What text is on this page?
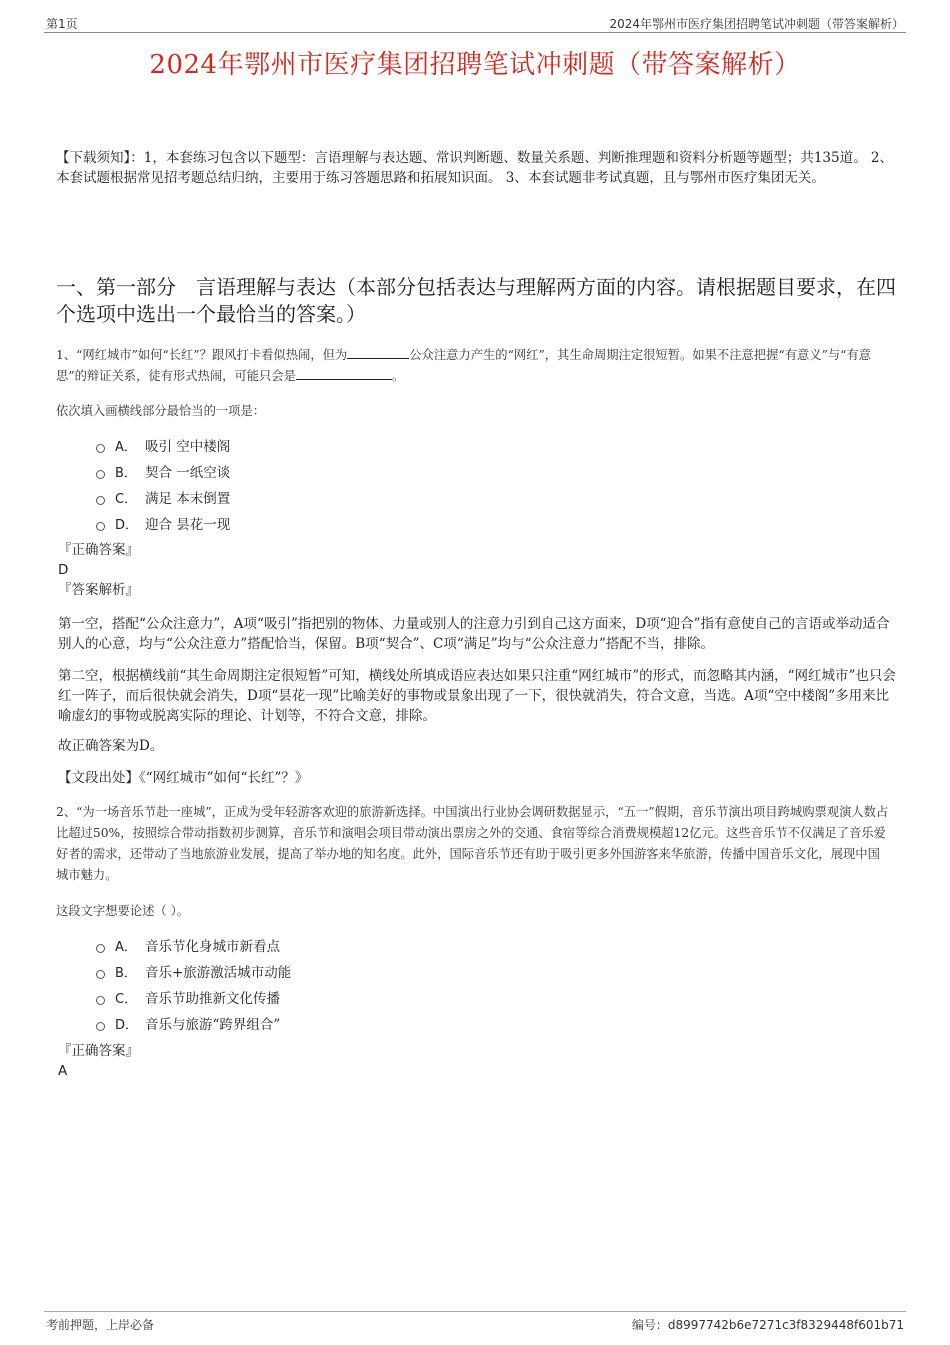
第1页	2024年鄂州市医疗集团招聘笔试冲刺题（带答案解析）
2024年鄂州市医疗集团招聘笔试冲刺题（带答案解析）
【下载须知】：1，本套练习包含以下题型：言语理解与表达题、常识判断题、数量关系题、判断推理题和资料分析题等题型；共135道。 2、本套试题根据常见招考题总结归纳，主要用于练习答题思路和拓展知识面。 3、本套试题非考试真题，且与鄂州市医疗集团无关。
一、第一部分　言语理解与表达（本部分包括表达与理解两方面的内容。请根据题目要求，在四个选项中选出一个最恰当的答案。）
1、“网红城市”如何“长红”？跟风打卡看似热闹，但为	公众注意力产生的“网红”，其生命周期注定很短暂。如果不注意把握“有意义”与“有意思”的辩证关系，徒有形式热闹，可能只会是	。
依次填入画横线部分最恰当的一项是：
A． 吸引 空中楼阁
B． 契合 一纸空谈
C． 满足 本末倒置
D． 迎合 昙花一现
『正确答案』
D
『答案解析』
第一空，搭配“公众注意力”，A项“吸引”指把别的物体、力量或别人的注意力引到自己这方面来，D项“迎合”指有意使自己的言语或举动适合别人的心意，均与“公众注意力”搭配恰当，保留。B项“契合”、C项“满足”均与“公众注意力”搭配不当，排除。
第二空，根据横线前“其生命周期注定很短暂”可知，横线处所填成语应表达如果只注重“网红城市”的形式，而忽略其内涵，“网红城市”也只会红一阵子，而后很快就会消失，D项“昙花一现”比喻美好的事物或景象出现了一下，很快就消失，符合文意，当选。A项“空中楼阁”多用来比喻虚幻的事物或脱离实际的理论、计划等，不符合文意，排除。
故正确答案为D。
【文段出处】《“网红城市”如何“长红”？》
2、“为一场音乐节赴一座城”，正成为受年轻游客欢迎的旅游新选择。中国演出行业协会调研数据显示，“五一”假期，音乐节演出项目跨城购票观演人数占比超过50%，按照综合带动指数初步测算，音乐节和演唱会项目带动演出票房之外的交通、食宿等综合消费规模超12亿元。这些音乐节不仅满足了音乐爱好者的需求，还带动了当地旅游业发展，提高了举办地的知名度。此外，国际音乐节还有助于吸引更多外国游客来华旅游，传播中国音乐文化，展现中国城市魅力。
这段文字想要论述（ ）。
A． 音乐节化身城市新看点
B． 音乐+旅游激活城市动能
C． 音乐节助推新文化传播
D． 音乐与旅游“跨界组合”
『正确答案』
A
考前押题，上岸必备	编号：d8997742b6e7271c3f8329448f601b71
